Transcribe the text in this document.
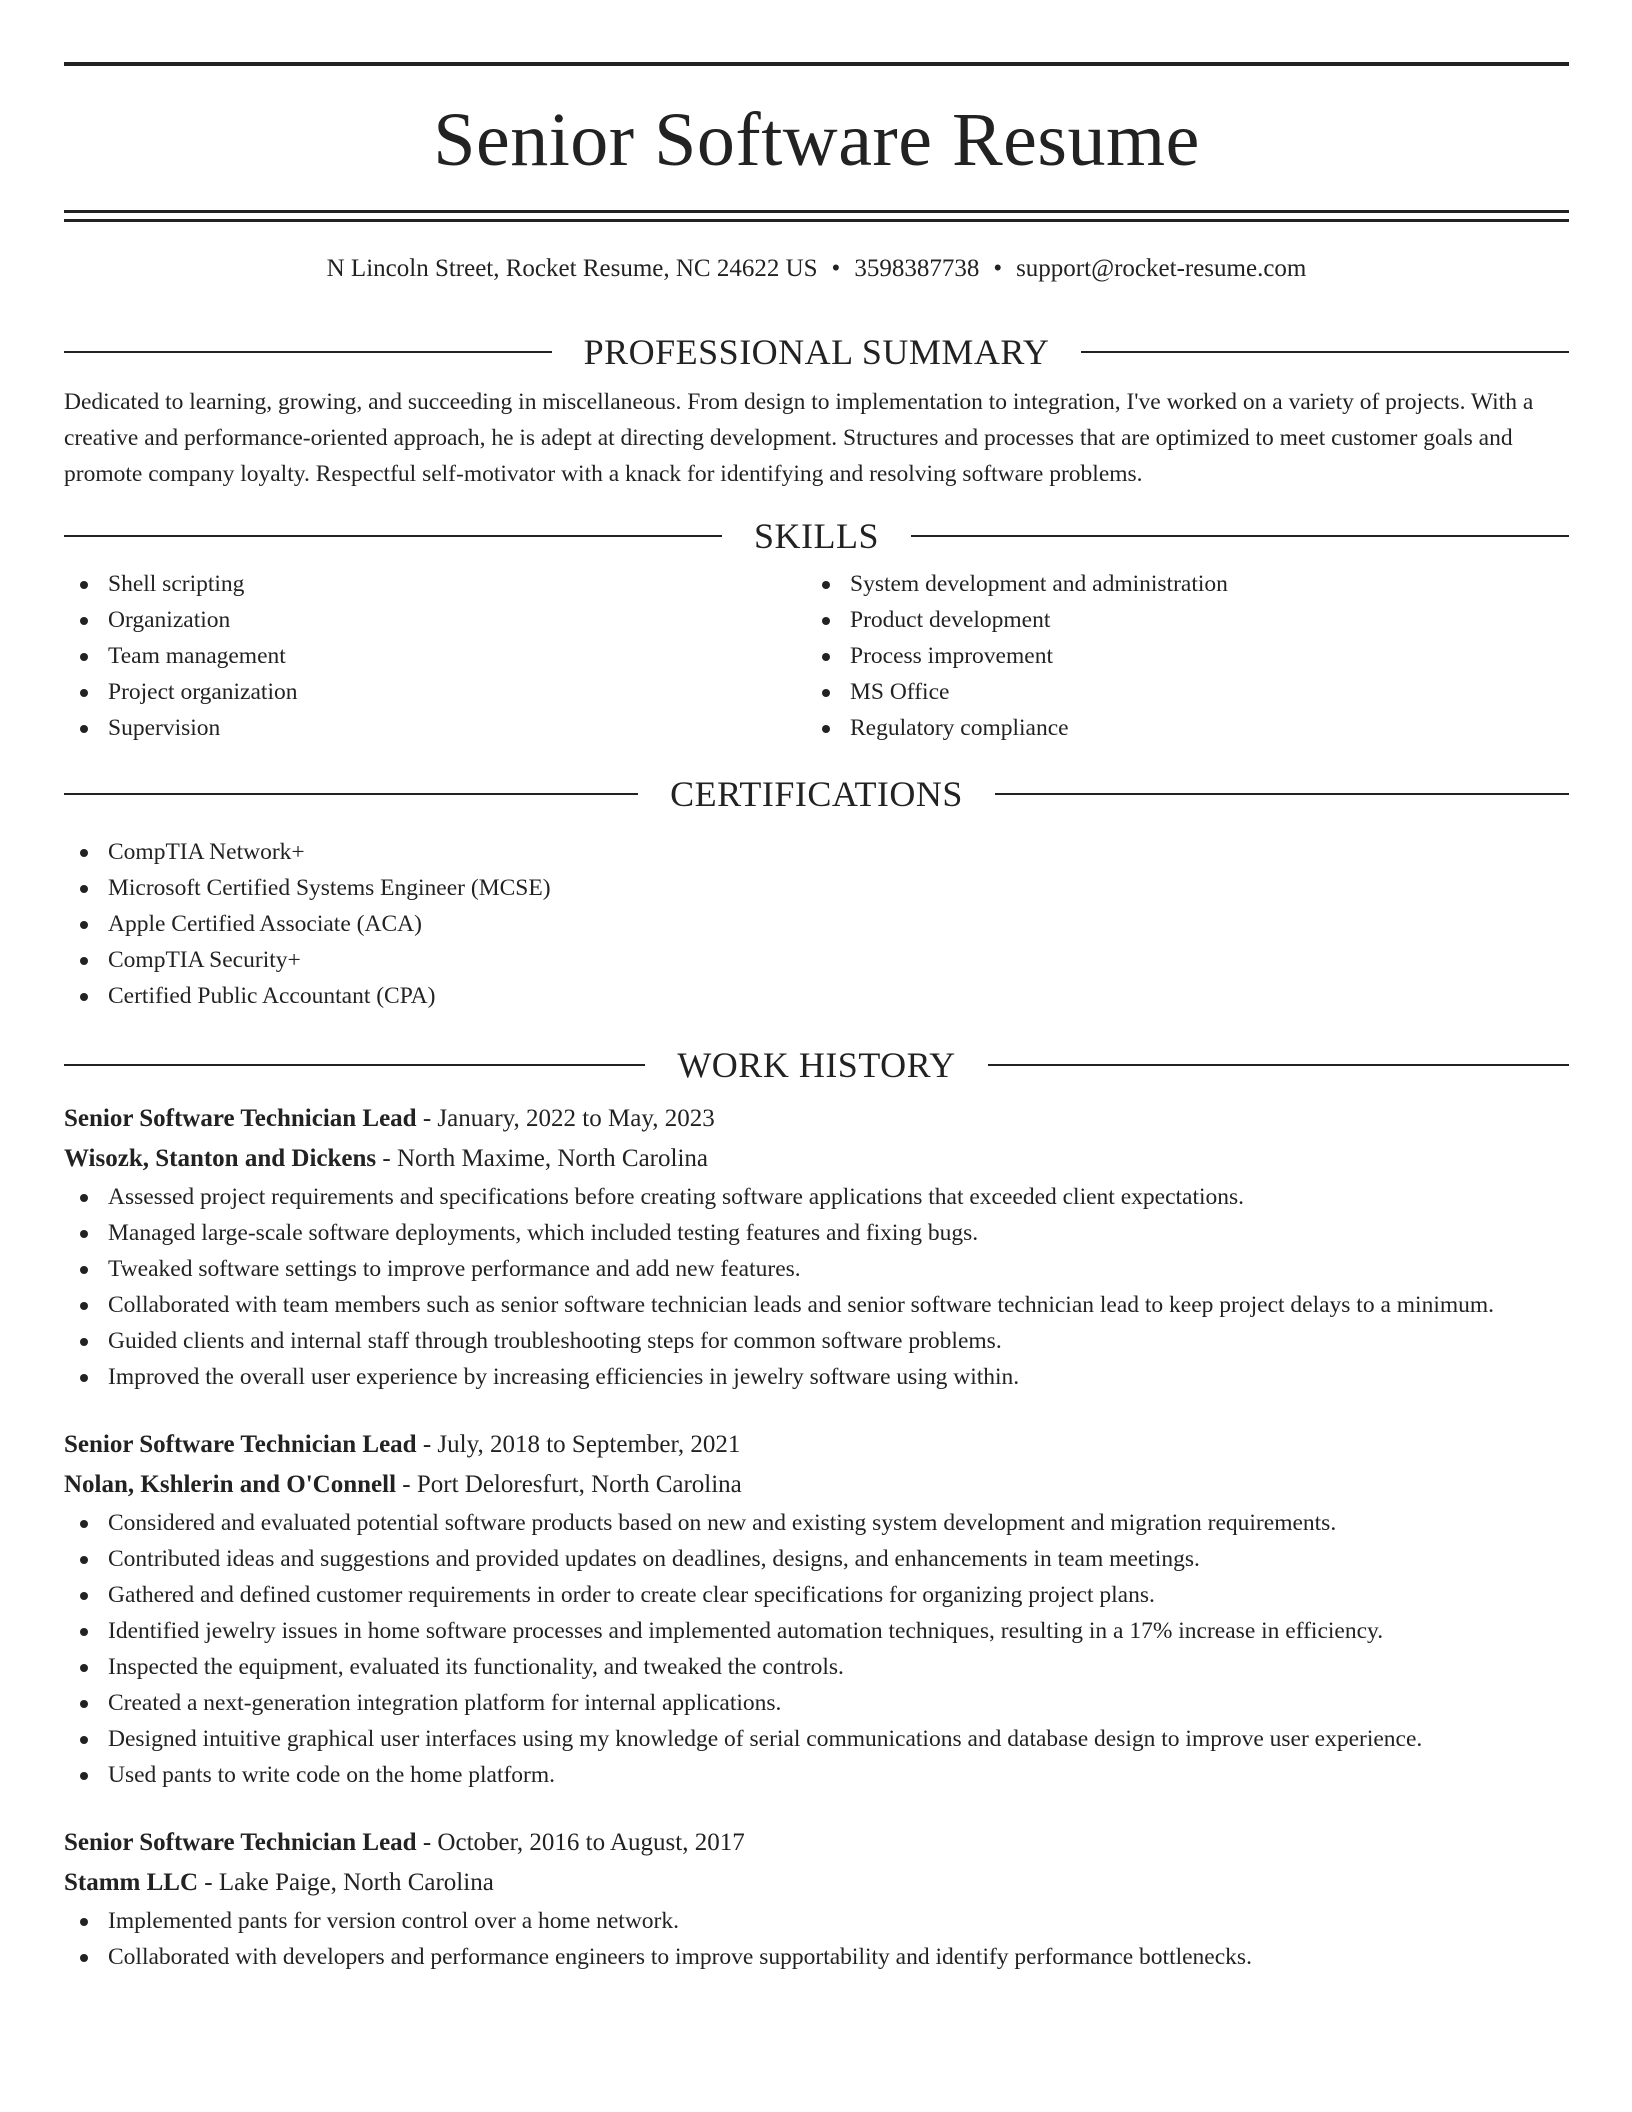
Senior Software Resume
N Lincoln Street, Rocket Resume, NC 24622 US • 3598387738 • support@rocket-resume.com
PROFESSIONAL SUMMARY

Dedicated to learning, growing, and succeeding in miscellaneous. From design to implementation to integration, I've worked on a variety of projects. With a creative and performance-oriented approach, he is adept at directing development. Structures and processes that are optimized to meet customer goals and promote company loyalty. Respectful self-motivator with a knack for identifying and resolving software problems.

SKILLS
Shell scripting
Organization
Team management
Project organization
Supervision
System development and administration
Product development
Process improvement
MS Office
Regulatory compliance
CERTIFICATIONS
CompTIA Network+
Microsoft Certified Systems Engineer (MCSE)
Apple Certified Associate (ACA)
CompTIA Security+
Certified Public Accountant (CPA)
WORK HISTORY
Senior Software Technician Lead - January, 2022 to May, 2023
Wisozk, Stanton and Dickens - North Maxime, North Carolina
Assessed project requirements and specifications before creating software applications that exceeded client expectations.
Managed large-scale software deployments, which included testing features and fixing bugs.
Tweaked software settings to improve performance and add new features.
Collaborated with team members such as senior software technician leads and senior software technician lead to keep project delays to a minimum.
Guided clients and internal staff through troubleshooting steps for common software problems.
Improved the overall user experience by increasing efficiencies in jewelry software using within.
Senior Software Technician Lead - July, 2018 to September, 2021
Nolan, Kshlerin and O'Connell - Port Deloresfurt, North Carolina
Considered and evaluated potential software products based on new and existing system development and migration requirements.
Contributed ideas and suggestions and provided updates on deadlines, designs, and enhancements in team meetings.
Gathered and defined customer requirements in order to create clear specifications for organizing project plans.
Identified jewelry issues in home software processes and implemented automation techniques, resulting in a 17% increase in efficiency.
Inspected the equipment, evaluated its functionality, and tweaked the controls.
Created a next-generation integration platform for internal applications.
Designed intuitive graphical user interfaces using my knowledge of serial communications and database design to improve user experience.
Used pants to write code on the home platform.
Senior Software Technician Lead - October, 2016 to August, 2017
Stamm LLC - Lake Paige, North Carolina
Implemented pants for version control over a home network.
Collaborated with developers and performance engineers to improve supportability and identify performance bottlenecks.
